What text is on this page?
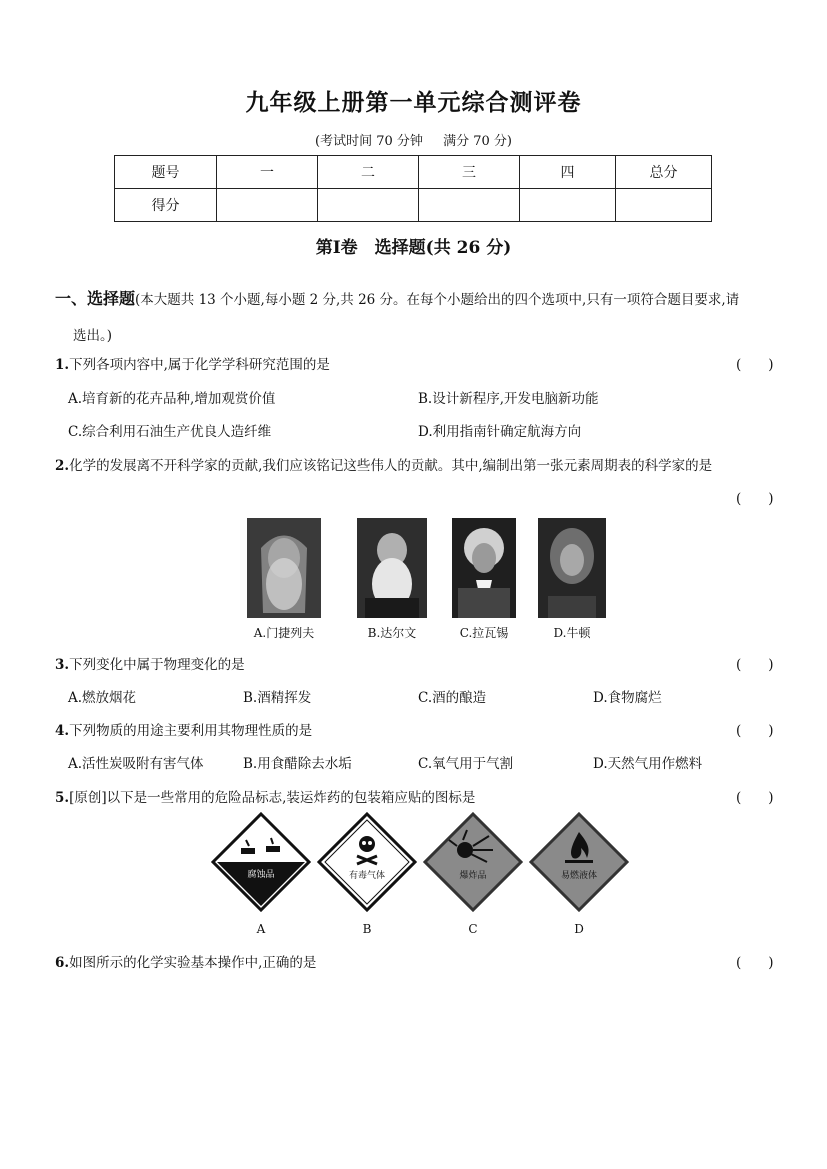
九年级上册第一单元综合测评卷
(考试时间 70 分钟 满分 70 分)
题号	一	二	三	四	总分
得分					
第Ⅰ卷　选择题(共 26 分)
一、选择题(本大题共 13 个小题,每小题 2 分,共 26 分。在每个小题给出的四个选项中,只有一项符合题目要求,请
选出。)
1.下列各项内容中,属于化学学科研究范围的是	(　　)
A.培育新的花卉品种,增加观赏价值	B.设计新程序,开发电脑新功能
C.综合利用石油生产优良人造纤维	D.利用指南针确定航海方向
2.化学的发展离不开科学家的贡献,我们应该铭记这些伟人的贡献。其中,编制出第一张元素周期表的科学家的是
(　　)
A.门捷列夫	B.达尔文	C.拉瓦锡	D.牛顿
3.下列变化中属于物理变化的是	(　　)
A.燃放烟花	B.酒精挥发	C.酒的酿造	D.食物腐烂
4.下列物质的用途主要利用其物理性质的是	(　　)
A.活性炭吸附有害气体	B.用食醋除去水垢	C.氧气用于气割	D.天然气用作燃料
5.[原创]以下是一些常用的危险品标志,装运炸药的包装箱应贴的图标是	(　　)
腐蚀品
A
有毒气体
B
爆炸品
C
易燃液体
D
6.如图所示的化学实验基本操作中,正确的是	(　　)
